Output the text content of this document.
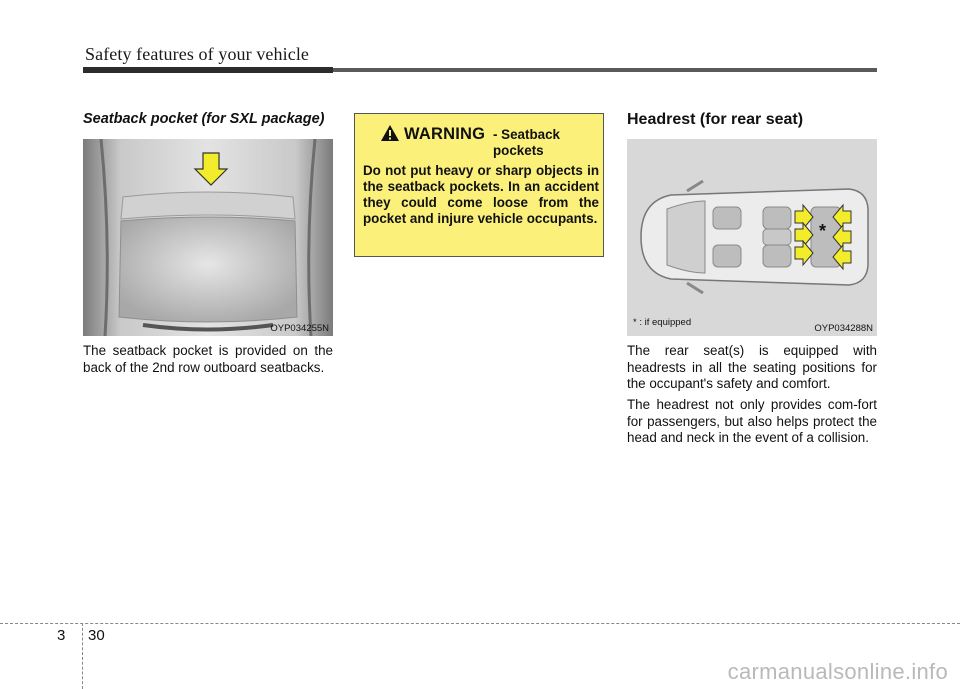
Safety features of your vehicle
Seatback pocket (for SXL package)
OYP034255N

The seatback pocket is provided on the back of the 2nd row outboard seatbacks.

WARNING - Seatback pockets

Do not put heavy or sharp objects in the seatback pockets. In an accident they could come loose from the pocket and injure vehicle occupants.

Headrest (for rear seat)
*
* : if equipped
OYP034288N

The rear seat(s) is equipped with headrests in all the seating positions for the occupant's safety and comfort.

The headrest not only provides com-fort for passengers, but also helps protect the head and neck in the event of a collision.

3 30
carmanualsonline.info
